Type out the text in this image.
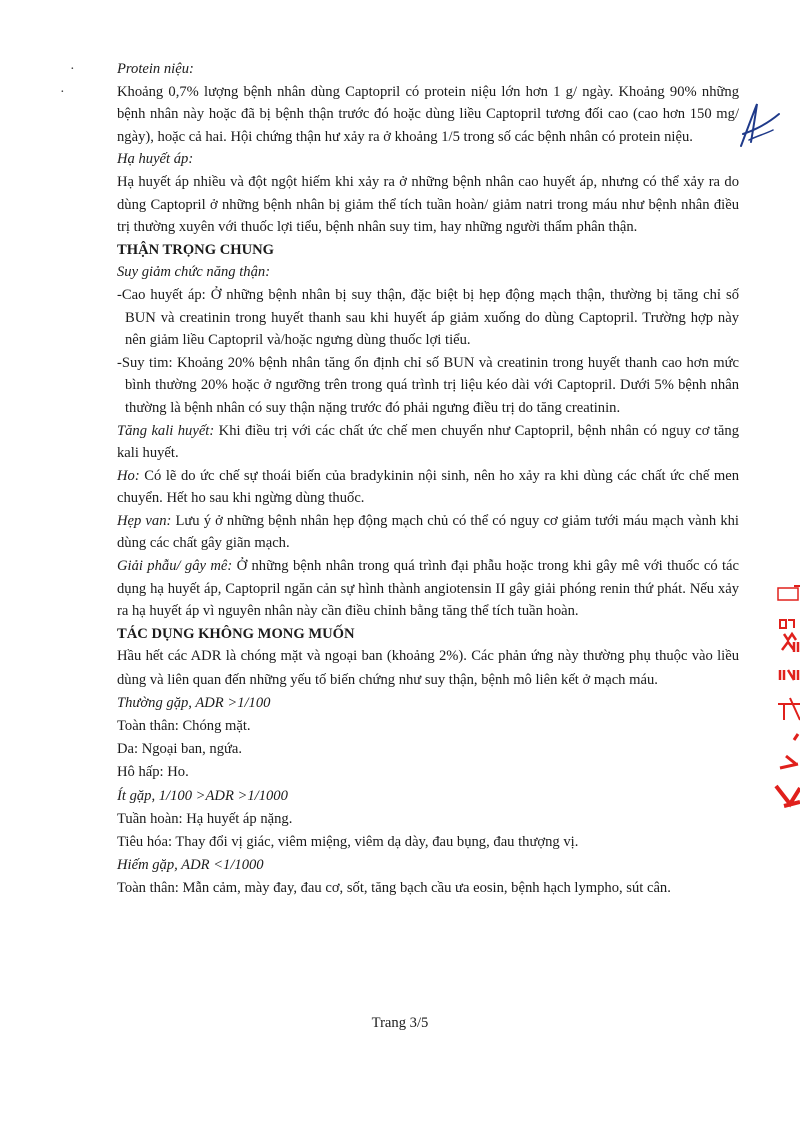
·
·

Protein niệu:

Khoảng 0,7% lượng bệnh nhân dùng Captopril có protein niệu lớn hơn 1 g/ ngày. Khoảng 90% những bệnh nhân này hoặc đã bị bệnh thận trước đó hoặc dùng liều Captopril tương đối cao (cao hơn 150 mg/ ngày), hoặc cả hai. Hội chứng thận hư xảy ra ở khoảng 1/5 trong số các bệnh nhân có protein niệu.

Hạ huyết áp:

Hạ huyết áp nhiều và đột ngột hiếm khi xảy ra ở những bệnh nhân cao huyết áp, nhưng có thể xảy ra do dùng Captopril ở những bệnh nhân bị giảm thể tích tuần hoàn/ giảm natri trong máu như bệnh nhân điều trị thường xuyên với thuốc lợi tiểu, bệnh nhân suy tim, hay những người thẩm phân thận.

THẬN TRỌNG CHUNG

Suy giảm chức năng thận:

-Cao huyết áp: Ở những bệnh nhân bị suy thận, đặc biệt bị hẹp động mạch thận, thường bị tăng chỉ số BUN và creatinin trong huyết thanh sau khi huyết áp giảm xuống do dùng Captopril. Trường hợp này nên giảm liều Captopril và/hoặc ngưng dùng thuốc lợi tiểu.

-Suy tim: Khoảng 20% bệnh nhân tăng ổn định chỉ số BUN và creatinin trong huyết thanh cao hơn mức bình thường 20% hoặc ở ngưỡng trên trong quá trình trị liệu kéo dài với Captopril. Dưới 5% bệnh nhân thường là bệnh nhân có suy thận nặng trước đó phải ngưng điều trị do tăng creatinin.

Tăng kali huyết: Khi điều trị với các chất ức chế men chuyển như Captopril, bệnh nhân có nguy cơ tăng kali huyết.

Ho: Có lẽ do ức chế sự thoái biến của bradykinin nội sinh, nên ho xảy ra khi dùng các chất ức chế men chuyển. Hết ho sau khi ngừng dùng thuốc.

Hẹp van: Lưu ý ở những bệnh nhân hẹp động mạch chủ có thể có nguy cơ giảm tưới máu mạch vành khi dùng các chất gây giãn mạch.

Giải phẫu/ gây mê: Ở những bệnh nhân trong quá trình đại phẫu hoặc trong khi gây mê với thuốc có tác dụng hạ huyết áp, Captopril ngăn cản sự hình thành angiotensin II gây giải phóng renin thứ phát. Nếu xảy ra hạ huyết áp vì nguyên nhân này cần điều chỉnh bằng tăng thể tích tuần hoàn.

TÁC DỤNG KHÔNG MONG MUỐN

Hầu hết các ADR là chóng mặt và ngoại ban (khoảng 2%). Các phản ứng này thường phụ thuộc vào liều dùng và liên quan đến những yếu tố biến chứng như suy thận, bệnh mô liên kết ở mạch máu.

Thường gặp, ADR >1/100

Toàn thân: Chóng mặt.

Da: Ngoại ban, ngứa.

Hô hấp: Ho.

Ít gặp, 1/100 >ADR >1/1000

Tuần hoàn: Hạ huyết áp nặng.

Tiêu hóa: Thay đổi vị giác, viêm miệng, viêm dạ dày, đau bụng, đau thượng vị.

Hiếm gặp, ADR <1/1000

Toàn thân: Mẫn cảm, mày đay, đau cơ, sốt, tăng bạch cầu ưa eosin, bệnh hạch lympho, sút cân.

Trang 3/5
